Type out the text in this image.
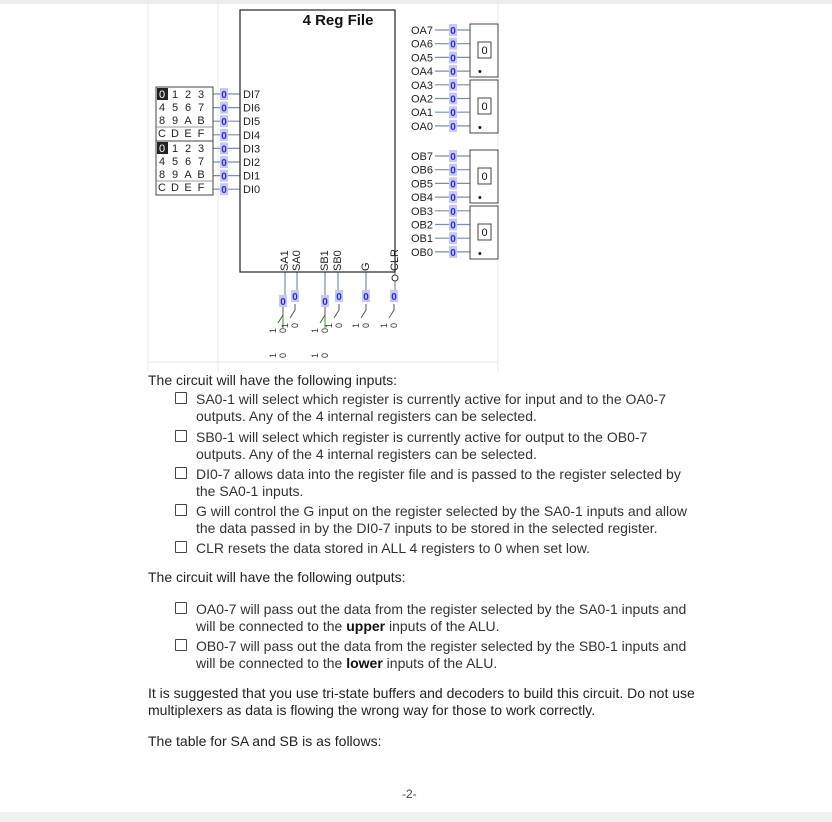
4 Reg File
0 1 2 3
4 5 6 7
8 9 A B
C D E F
0 1 2 3
4 5 6 7
8 9 A B
C D E F
0 DI7
0 DI6
0 DI5
0 DI4
0 DI3
0 DI2
0 DI1
0 DI0
OA7 0
OA6 0
OA5 0
OA4 0
OA3 0
OA2 0
OA1 0
OA0 0
OB7 0
OB6 0
OB5 0
OB4 0
OB3 0
OB2 0
OB1 0
OB0 0
0
•
0
•
0
•
0
•
SA1 SA0 SB1 SB0 G CLR
0
1 0
0
1 0
0
1 0
0
1 0
0
1 0
0
1 0
1 0 1 0
The circuit will have the following inputs:
SA0-1 will select which register is currently active for input and to the OA0-7
outputs. Any of the 4 internal registers can be selected.
SB0-1 will select which register is currently active for output to the OB0-7
outputs. Any of the 4 internal registers can be selected.
DI0-7 allows data into the register file and is passed to the register selected by
the SA0-1 inputs.
G will control the G input on the register selected by the SA0-1 inputs and allow
the data passed in by the DI0-7 inputs to be stored in the selected register.
CLR resets the data stored in ALL 4 registers to 0 when set low.
The circuit will have the following outputs:
OA0-7 will pass out the data from the register selected by the SA0-1 inputs and
will be connected to the upper inputs of the ALU.
OB0-7 will pass out the data from the register selected by the SB0-1 inputs and
will be connected to the lower inputs of the ALU.
It is suggested that you use tri-state buffers and decoders to build this circuit. Do not use
multiplexers as data is flowing the wrong way for those to work correctly.
The table for SA and SB is as follows:
-2-
